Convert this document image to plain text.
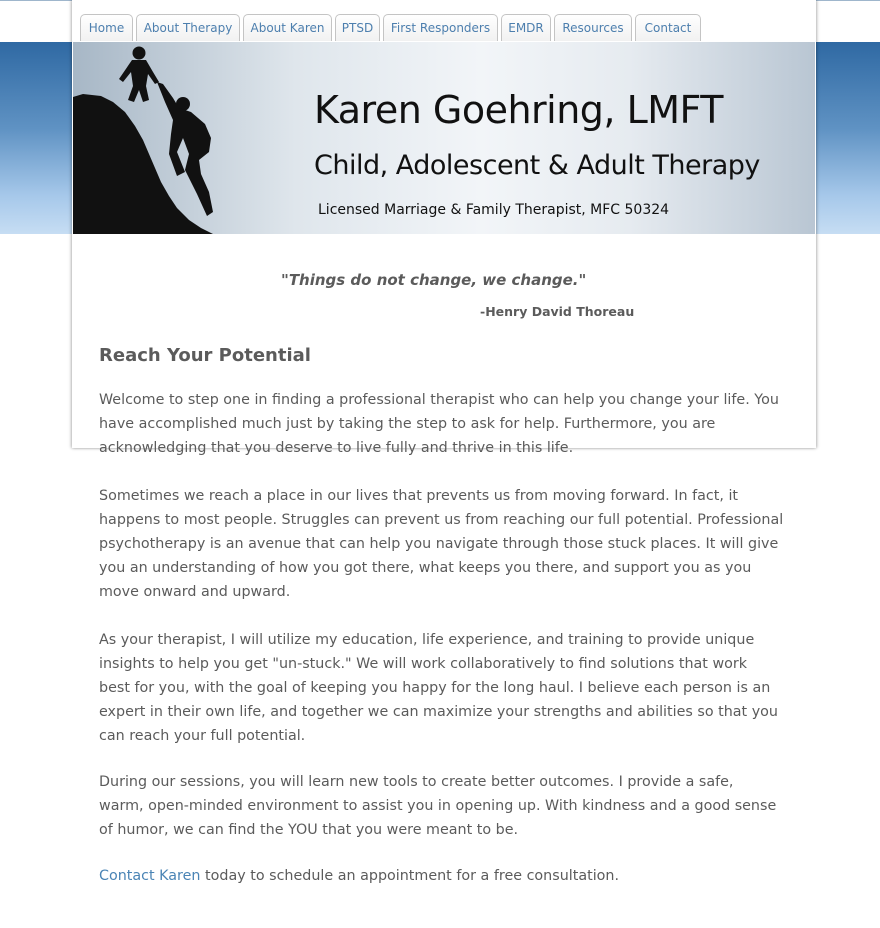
Home	About Therapy	About Karen	PTSD	First Responders	EMDR	Resources	Contact
Karen Goehring, LMFT
Child, Adolescent & Adult Therapy
Licensed Marriage & Family Therapist, MFC 50324
"Things do not change, we change."
-Henry David Thoreau
Reach Your Potential
Welcome to step one in finding a professional therapist who can help you change your life. You
have accomplished much just by taking the step to ask for help. Furthermore, you are
acknowledging that you deserve to live fully and thrive in this life.
Sometimes we reach a place in our lives that prevents us from moving forward. In fact, it
happens to most people. Struggles can prevent us from reaching our full potential. Professional
psychotherapy is an avenue that can help you navigate through those stuck places. It will give
you an understanding of how you got there, what keeps you there, and support you as you
move onward and upward.
As your therapist, I will utilize my education, life experience, and training to provide unique
insights to help you get "un-stuck." We will work collaboratively to find solutions that work
best for you, with the goal of keeping you happy for the long haul. I believe each person is an
expert in their own life, and together we can maximize your strengths and abilities so that you
can reach your full potential.
During our sessions, you will learn new tools to create better outcomes. I provide a safe,
warm, open-minded environment to assist you in opening up. With kindness and a good sense
of humor, we can find the YOU that you were meant to be.
Contact Karen today to schedule an appointment for a free consultation.
